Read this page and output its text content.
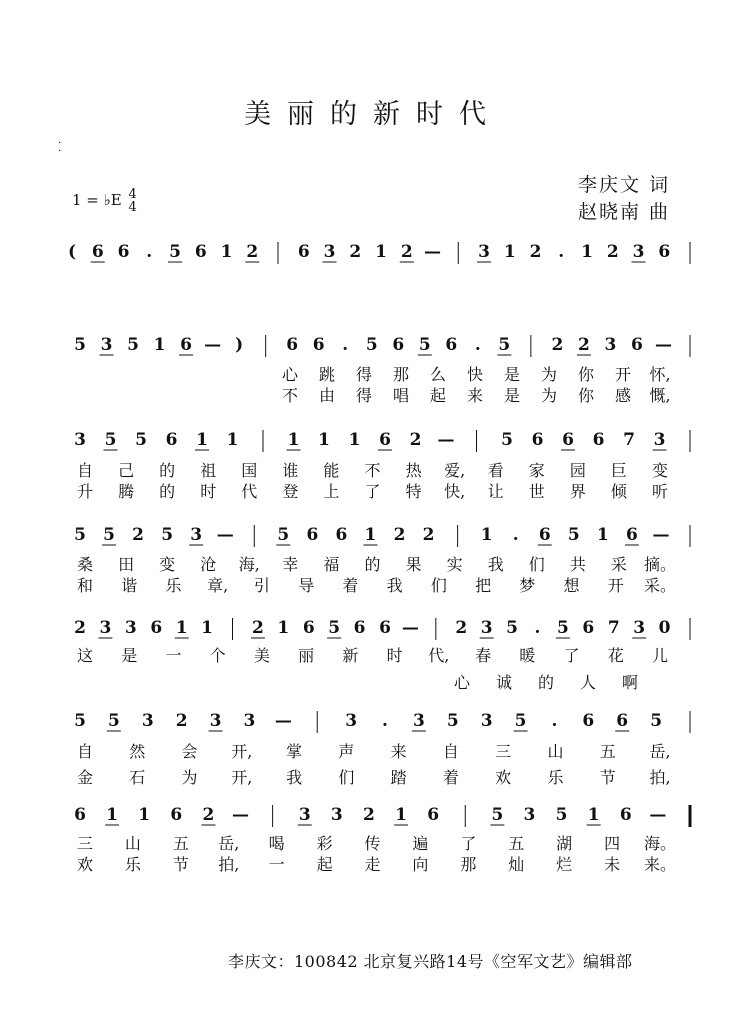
·
·
美丽的新时代
1 = ♭E 4
4
李庆文 词
赵晓南 曲
( 6 6 . 5 6 1 2 6 3 2 1 2 — 3 1 2 . 1 2 3 6
5 3 5 1 6 — )	6 6 . 5 6 5 6 . 5 2 2 3 6 —
心 跳 得 那 么 快 是 为 你 开 怀,
不 由 得 唱 起 来 是 为 你 感 慨,
3 5 5 6 1 1	1 1 1 6 2 —	5 6 6 6 7 3
自 己 的 祖 国 谁 能 不 热 爱, 看 家 园 巨 变
升 腾 的 时 代 登 上 了 特 快, 让 世 界 倾 听
5 5 2 5 3 —	5 6 6 1 2 2	1 . 6 5 1 6 —
桑 田 变 沧 海, 幸 福 的 果 实 我 们 共 采 摘。
和 谐 乐 章, 引 导 着 我 们 把 梦 想 开 采。
2 3 3 6 1 1 2 1 6 5 6 6 — 2 3 5 . 5 6 7 3 0
这 是 一 个 美 丽 新 时 代, 春 暖 了 花 儿
心 诚 的 人 啊
5 5 3 2 3 3 —	3 . 3 5 3 5 . 6 6 5
自 然 会 开, 掌 声 来 自 三 山 五 岳,
金 石 为 开, 我 们 踏 着 欢 乐 节 拍,
6 1 1 6 2 —	3 3 2 1 6	5 3 5 1 6 —
三 山 五 岳, 喝 彩 传 遍 了 五 湖 四 海。
欢 乐 节 拍, 一 起 走 向 那 灿 烂 未 来。
李庆文：100842 北京复兴路14号《空军文艺》编辑部
